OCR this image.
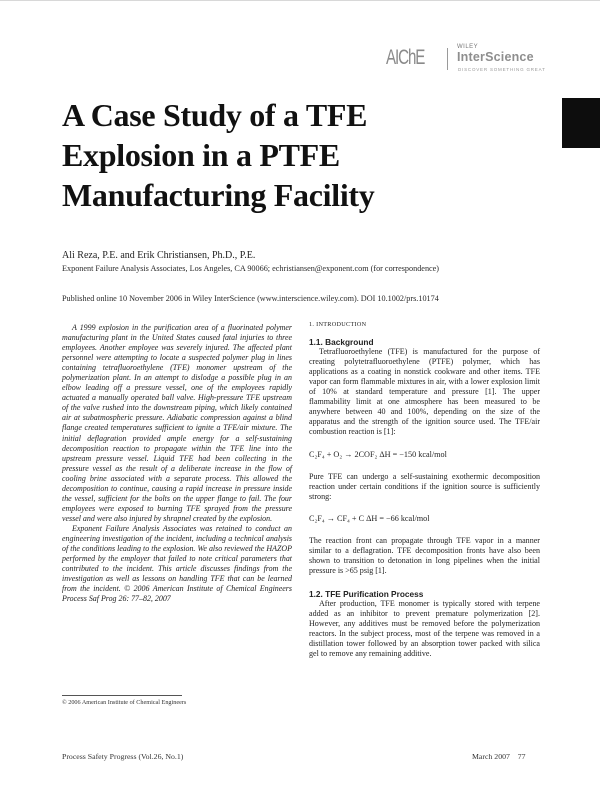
AIChE	WILEY
InterScience
DISCOVER SOMETHING GREAT
A Case Study of a TFE
Explosion in a PTFE
Manufacturing Facility
Ali Reza, P.E. and Erik Christiansen, Ph.D., P.E.
Exponent Failure Analysis Associates, Los Angeles, CA 90066; echristiansen@exponent.com (for correspondence)
Published online 10 November 2006 in Wiley InterScience (www.interscience.wiley.com). DOI 10.1002/prs.10174

A 1999 explosion in the purification area of a fluorinated polymer manufacturing plant in the United States caused fatal injuries to three employees. Another employee was severely injured. The affected plant personnel were attempting to locate a suspected polymer plug in lines containing tetrafluoroethylene (TFE) monomer upstream of the polymerization plant. In an attempt to dislodge a possible plug in an elbow leading off a pressure vessel, one of the employees rapidly actuated a manually operated ball valve. High-pressure TFE upstream of the valve rushed into the downstream piping, which likely contained air at subatmospheric pressure. Adiabatic compression against a blind flange created temperatures sufficient to ignite a TFE/air mixture. The initial deflagration provided ample energy for a self-sustaining decomposition reaction to propagate within the TFE line into the upstream pressure vessel. Liquid TFE had been collecting in the pressure vessel as the result of a deliberate increase in the flow of cooling brine associated with a separate process. This allowed the decomposition to continue, causing a rapid increase in pressure inside the vessel, sufficient for the bolts on the upper flange to fail. The four employees were exposed to burning TFE sprayed from the pressure vessel and were also injured by shrapnel created by the explosion.

Exponent Failure Analysis Associates was retained to conduct an engineering investigation of the incident, including a technical analysis of the conditions leading to the explosion. We also reviewed the HAZOP performed by the employer that failed to note critical parameters that contributed to the incident. This article discusses findings from the investigation as well as lessons on handling TFE that can be learned from the incident. © 2006 American Institute of Chemical Engineers Process Saf Prog 26: 77–82, 2007

1. INTRODUCTION
1.1. Background

Tetrafluoroethylene (TFE) is manufactured for the purpose of creating polytetrafluoroethylene (PTFE) polymer, which has applications as a coating in nonstick cookware and other items. TFE vapor can form flammable mixtures in air, with a lower explosion limit of 10% at standard temperature and pressure [1]. The upper flammability limit at one atmosphere has been measured to be anywhere between 40 and 100%, depending on the size of the apparatus and the strength of the ignition source used. The TFE/air combustion reaction is [1]:

C₂F₄ + O₂ → 2COF₂ ΔH = −150 kcal/mol

Pure TFE can undergo a self-sustaining exothermic decomposition reaction under certain conditions if the ignition source is sufficiently strong:

C₂F₄ → CF₄ + C ΔH = −66 kcal/mol

The reaction front can propagate through TFE vapor in a manner similar to a deflagration. TFE decomposition fronts have also been shown to transition to detonation in long pipelines when the initial pressure is >65 psig [1].

1.2. TFE Purification Process

After production, TFE monomer is typically stored with terpene added as an inhibitor to prevent premature polymerization [2]. However, any additives must be removed before the polymerization reactors. In the subject process, most of the terpene was removed in a distillation tower followed by an absorption tower packed with silica gel to remove any remaining additive.

© 2006 American Institute of Chemical Engineers
Process Safety Progress (Vol.26, No.1)	March 2007    77
